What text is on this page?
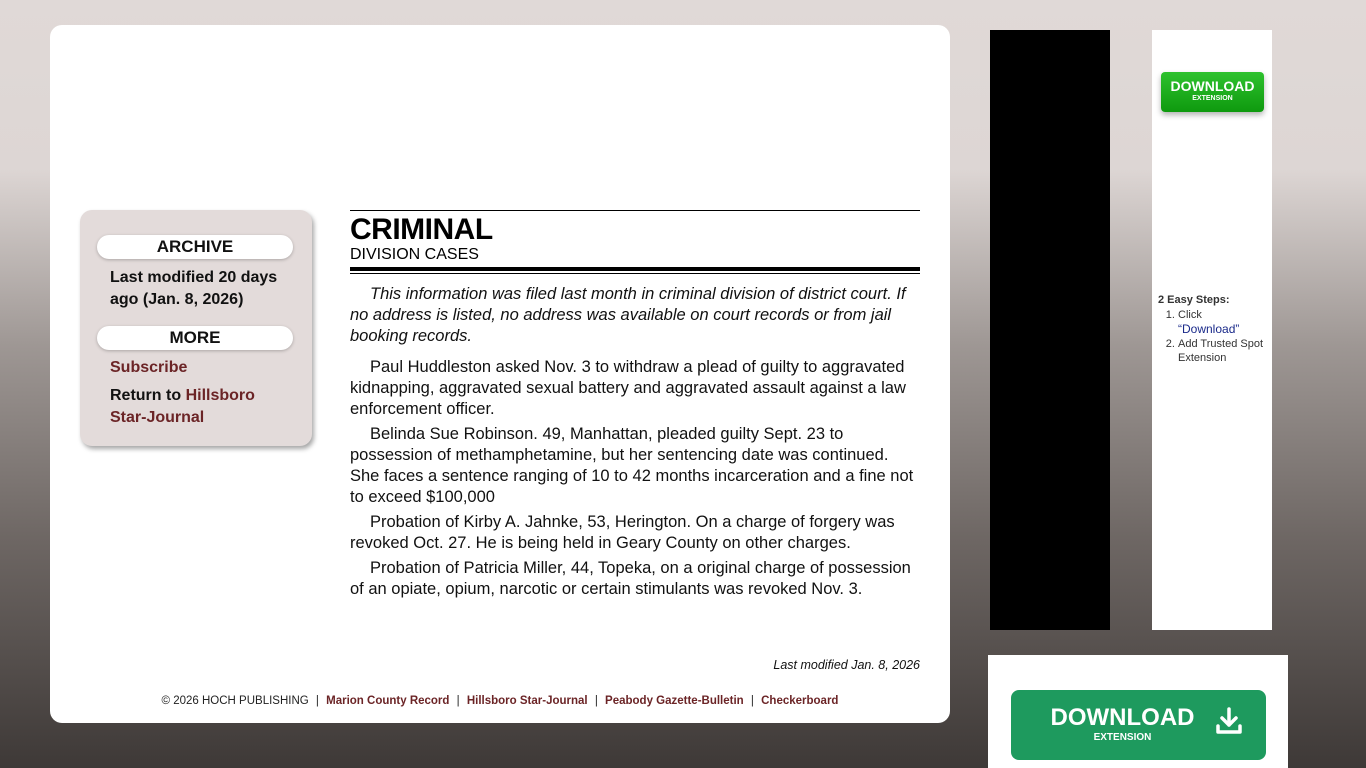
ARCHIVE
Last modified 20 days
ago (Jan. 8, 2026)
MORE
Subscribe
Return to Hillsboro
Star-Journal
CRIMINAL
DIVISION CASES
This information was filed last month in criminal division of district court. If no address is listed, no address was available on court records or from jail booking records.
Paul Huddleston asked Nov. 3 to withdraw a plead of guilty to aggravated kidnapping, aggravated sexual battery and aggravated assault against a law enforcement officer.
Belinda Sue Robinson. 49, Manhattan, pleaded guilty Sept. 23 to possession of methamphetamine, but her sentencing date was continued. She faces a sentence ranging of 10 to 42 months incarceration and a fine not to exceed $100,000
Probation of Kirby A. Jahnke, 53, Herington. On a charge of forgery was revoked Oct. 27. He is being held in Geary County on other charges.
Probation of Patricia Miller, 44, Topeka, on a original charge of possession of an opiate, opium, narcotic or certain stimulants was revoked Nov. 3.
Last modified Jan. 8, 2026
© 2026 HOCH PUBLISHING | Marion County Record | Hillsboro Star-Journal | Peabody Gazette-Bulletin | Checkerboard
DOWNLOAD
EXTENSION
2 Easy Steps:
1. Click
“Download”
2. Add Trusted Spot Extension
DOWNLOAD
EXTENSION
